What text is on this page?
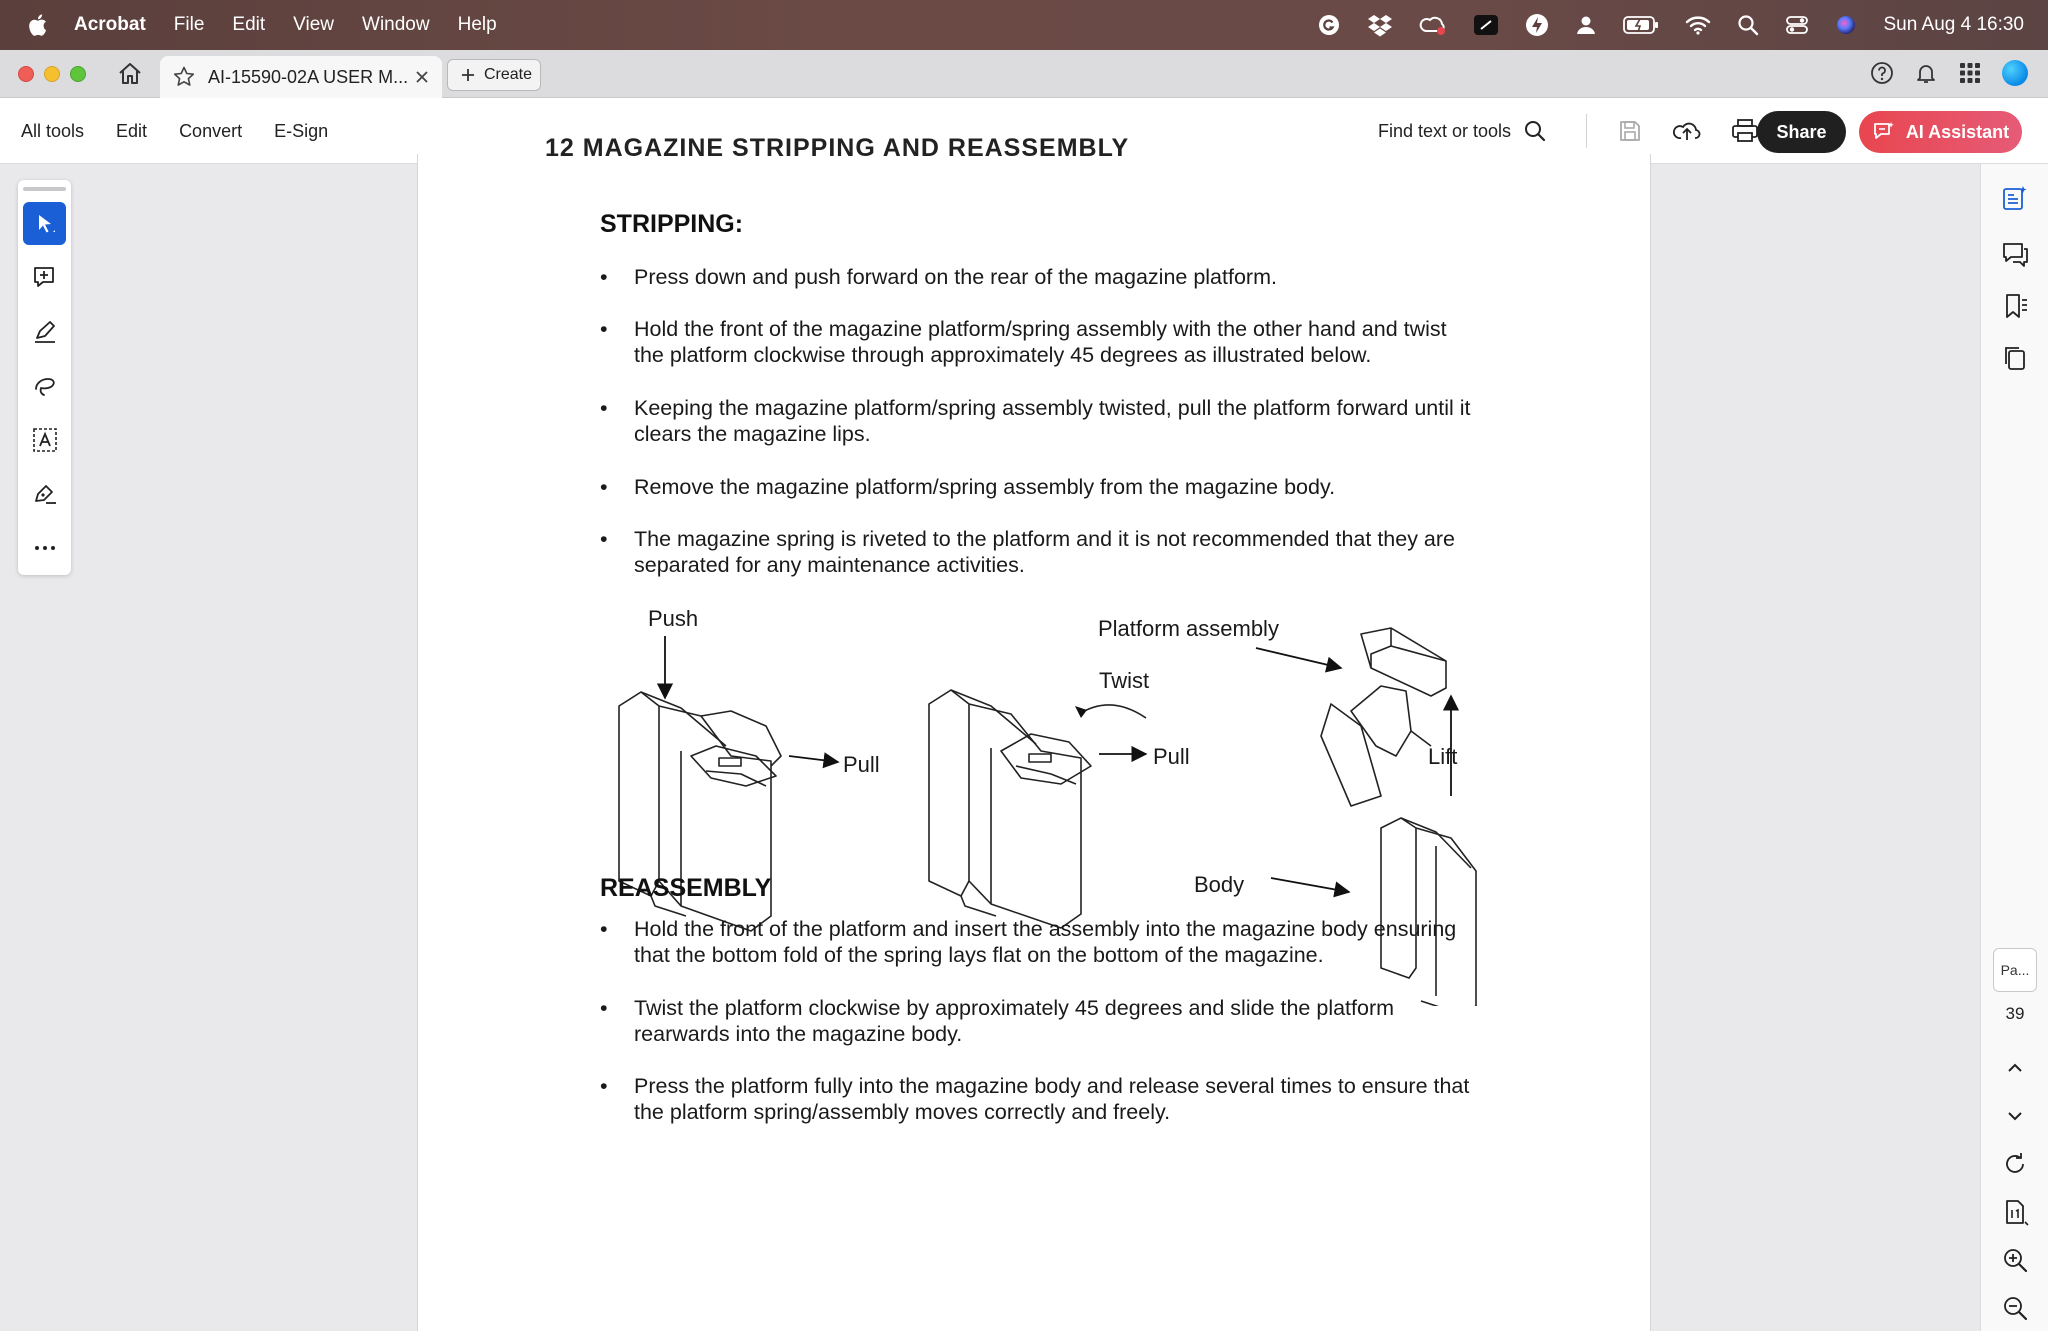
Acrobat File Edit View Window Help	Sun Aug 4 16:30
AI-15590-02A USER M...	Create
All tools Edit Convert E-Sign	Find text or tools	Share	AI Assistant
12 MAGAZINE STRIPPING AND REASSEMBLY
STRIPPING:
•	Press down and push forward on the rear of the magazine platform.
•	Hold the front of the magazine platform/spring assembly with the other hand and twist
the platform clockwise through approximately 45 degrees as illustrated below.
•	Keeping the magazine platform/spring assembly twisted, pull the platform forward until it
clears the magazine lips.
•	Remove the magazine platform/spring assembly from the magazine body.
•	The magazine spring is riveted to the platform and it is not recommended that they are
separated for any maintenance activities.
Push
Pull
Twist
Pull
Platform assembly
Lift
Body
REASSEMBLY
•	Hold the front of the platform and insert the assembly into the magazine body ensuring
that the bottom fold of the spring lays flat on the bottom of the magazine.
•	Twist the platform clockwise by approximately 45 degrees and slide the platform
rearwards into the magazine body.
•	Press the platform fully into the magazine body and release several times to ensure that
the platform spring/assembly moves correctly and freely.
Pa...
39
